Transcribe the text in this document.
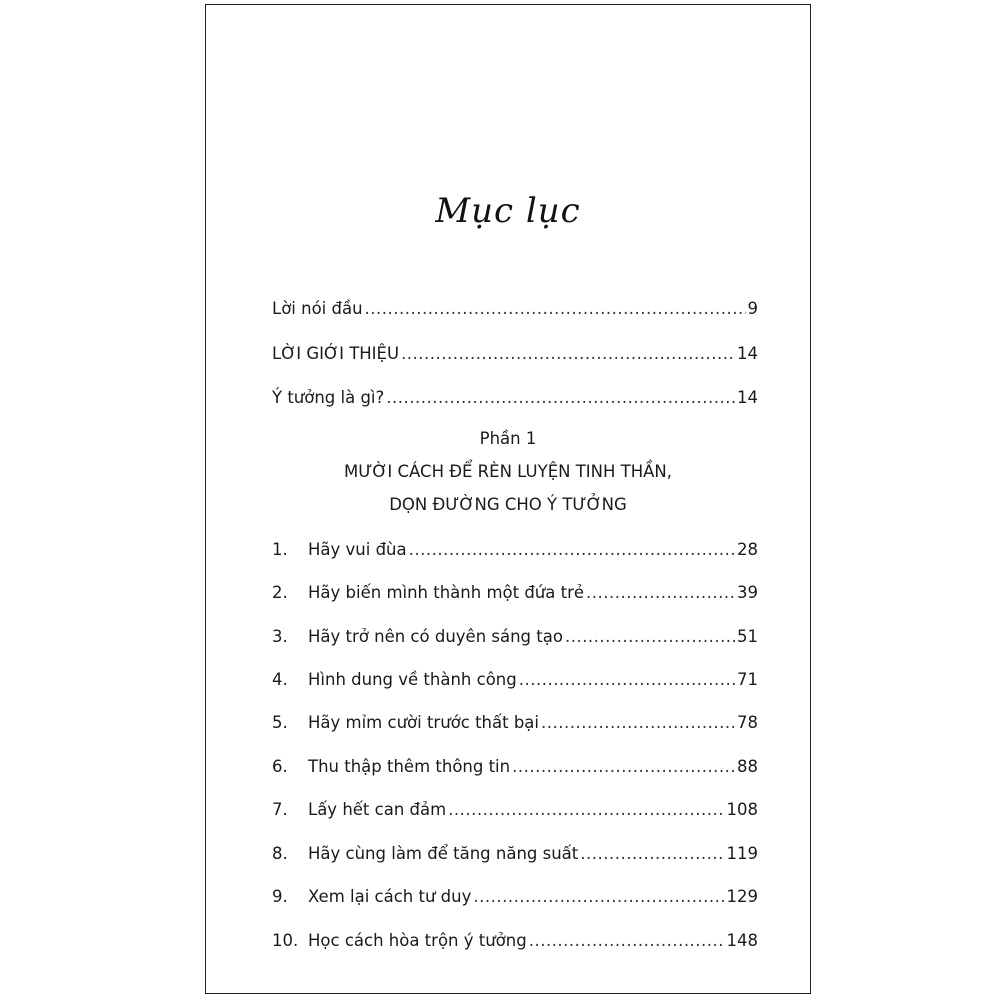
Mục lục
Lời nói đầu .....	9
LỜI GIỚI THIỆU .....	14
Ý tưởng là gì? .....	14
Phần 1
MƯỜI CÁCH ĐỂ RÈN LUYỆN TINH THẦN,
DỌN ĐƯỜNG CHO Ý TƯỞNG
1.	Hãy vui đùa .....	28
2.	Hãy biến mình thành một đứa trẻ .....	39
3.	Hãy trở nên có duyên sáng tạo .....	51
4.	Hình dung về thành công .....	71
5.	Hãy mỉm cười trước thất bại .....	78
6.	Thu thập thêm thông tin .....	88
7.	Lấy hết can đảm .....	108
8.	Hãy cùng làm để tăng năng suất .....	119
9.	Xem lại cách tư duy .....	129
10. Học cách hòa trộn ý tưởng .....	148
